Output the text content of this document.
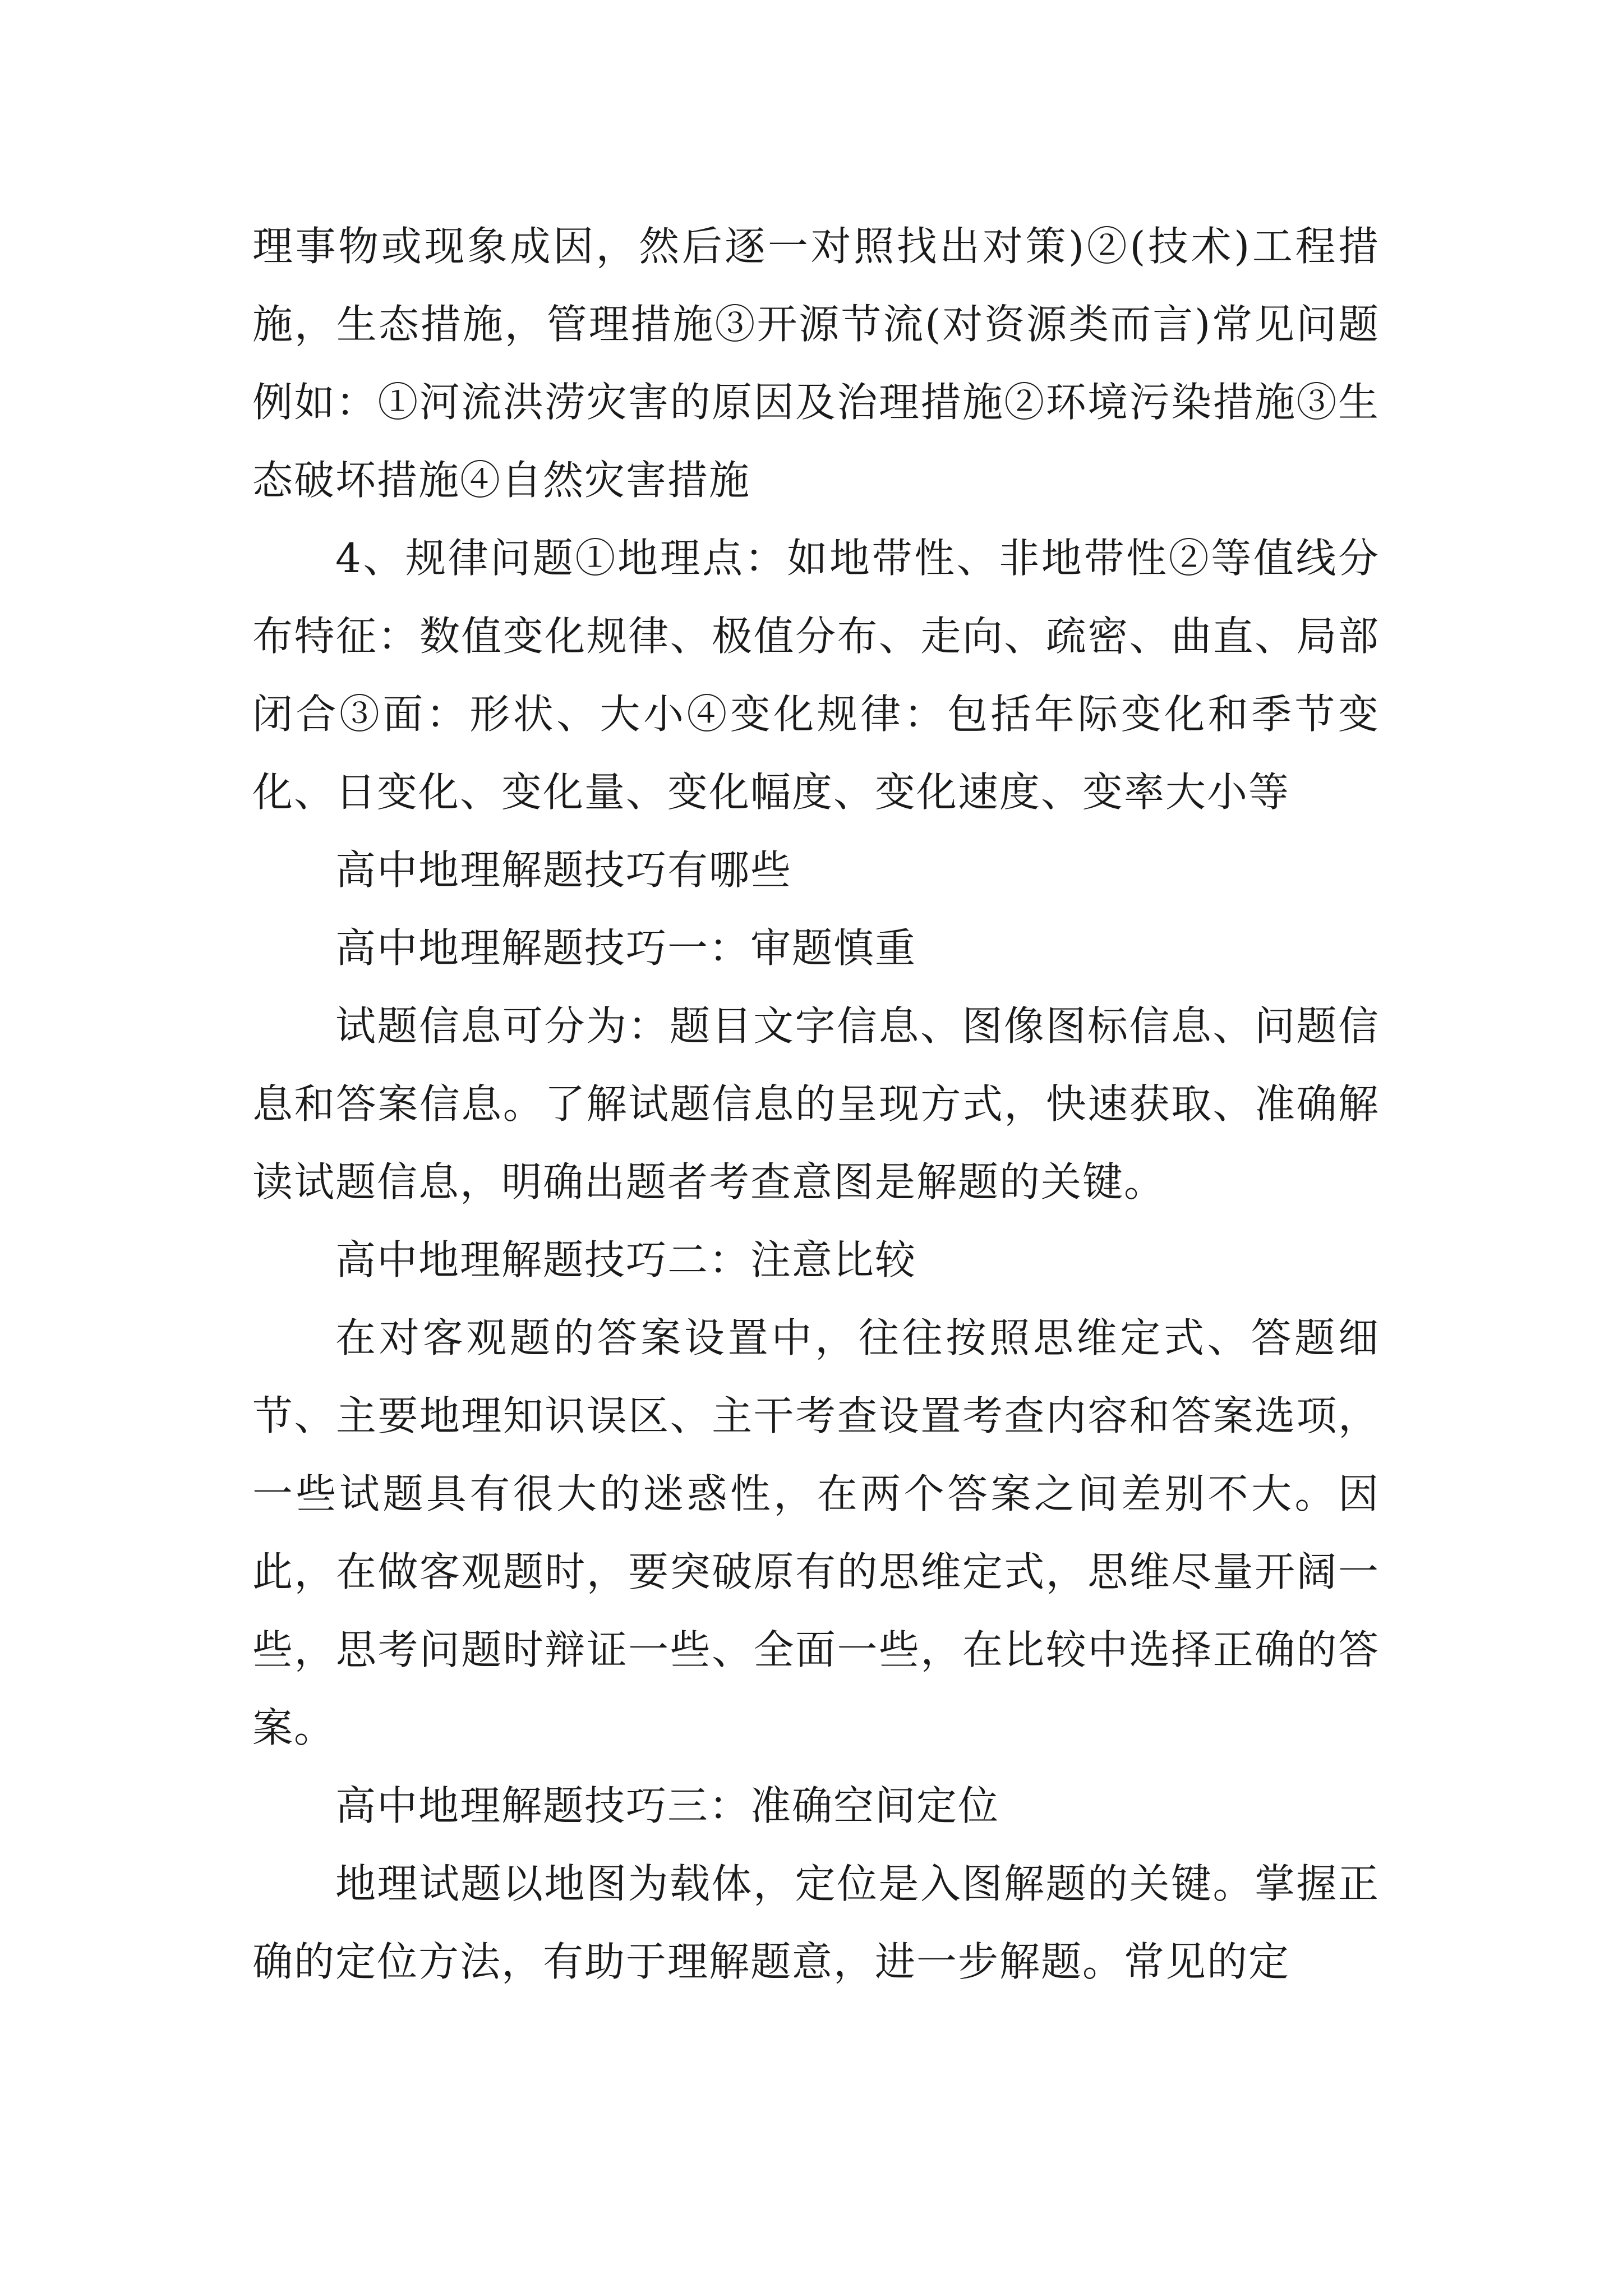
理事物或现象成因，然后逐一对照找出对策)②(技术)工程措施，生态措施，管理措施③开源节流(对资源类而言)常见问题例如：①河流洪涝灾害的原因及治理措施②环境污染措施③生态破坏措施④自然灾害措施

4、规律问题①地理点：如地带性、非地带性②等值线分布特征：数值变化规律、极值分布、走向、疏密、曲直、局部闭合③面：形状、大小④变化规律：包括年际变化和季节变化、日变化、变化量、变化幅度、变化速度、变率大小等

高中地理解题技巧有哪些

高中地理解题技巧一：审题慎重

试题信息可分为：题目文字信息、图像图标信息、问题信息和答案信息。了解试题信息的呈现方式，快速获取、准确解读试题信息，明确出题者考查意图是解题的关键。

高中地理解题技巧二：注意比较

在对客观题的答案设置中，往往按照思维定式、答题细节、主要地理知识误区、主干考查设置考查内容和答案选项，一些试题具有很大的迷惑性，在两个答案之间差别不大。因此，在做客观题时，要突破原有的思维定式，思维尽量开阔一些，思考问题时辩证一些、全面一些，在比较中选择正确的答案。

高中地理解题技巧三：准确空间定位

地理试题以地图为载体，定位是入图解题的关键。掌握正确的定位方法，有助于理解题意，进一步解题。常见的定
